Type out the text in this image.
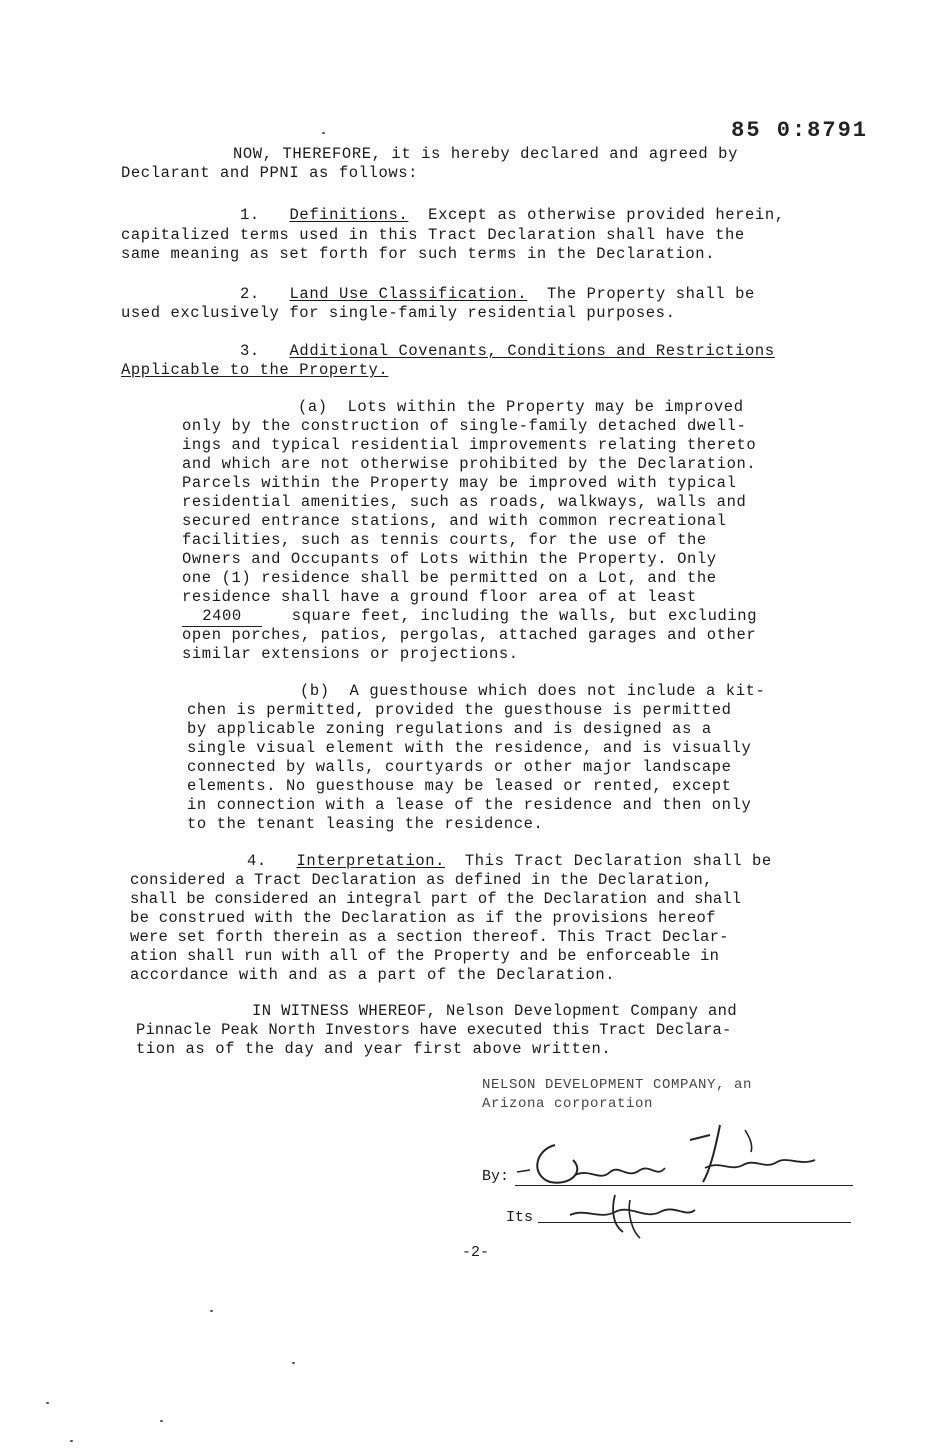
85 0:8791
NOW, THEREFORE, it is hereby declared and agreed by
Declarant and PPNI as follows:
1. Definitions. Except as otherwise provided herein,
capitalized terms used in this Tract Declaration shall have the
same meaning as set forth for such terms in the Declaration.
2. Land Use Classification. The Property shall be
used exclusively for single-family residential purposes.
3. Additional Covenants, Conditions and Restrictions
Applicable to the Property.
(a) Lots within the Property may be improved
only by the construction of single-family detached dwell-
ings and typical residential improvements relating thereto
and which are not otherwise prohibited by the Declaration.
Parcels within the Property may be improved with typical
residential amenities, such as roads, walkways, walls and
secured entrance stations, and with common recreational
facilities, such as tennis courts, for the use of the
Owners and Occupants of Lots within the Property. Only
one (1) residence shall be permitted on a Lot, and the
residence shall have a ground floor area of at least
2400	square feet, including the walls, but excluding
open porches, patios, pergolas, attached garages and other
similar extensions or projections.
(b) A guesthouse which does not include a kit-
chen is permitted, provided the guesthouse is permitted
by applicable zoning regulations and is designed as a
single visual element with the residence, and is visually
connected by walls, courtyards or other major landscape
elements. No guesthouse may be leased or rented, except
in connection with a lease of the residence and then only
to the tenant leasing the residence.
4. Interpretation. This Tract Declaration shall be
considered a Tract Declaration as defined in the Declaration,
shall be considered an integral part of the Declaration and shall
be construed with the Declaration as if the provisions hereof
were set forth therein as a section thereof. This Tract Declar-
ation shall run with all of the Property and be enforceable in
accordance with and as a part of the Declaration.
IN WITNESS WHEREOF, Nelson Development Company and
Pinnacle Peak North Investors have executed this Tract Declara-
tion as of the day and year first above written.
NELSON DEVELOPMENT COMPANY, an
Arizona corporation
By:
Its
-2-
